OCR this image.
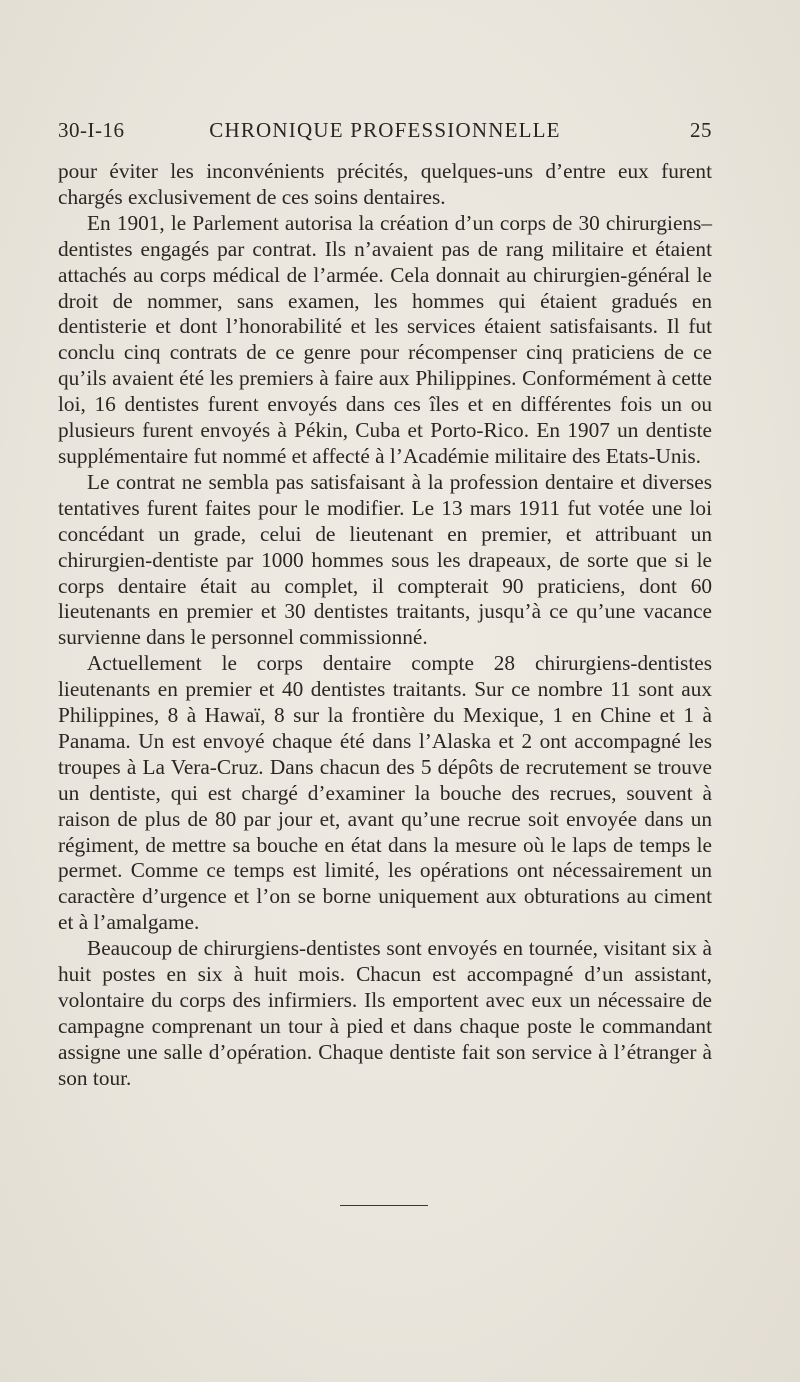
30-I-16	CHRONIQUE PROFESSIONNELLE	25

pour éviter les inconvénients précités, quelques-uns d’entre eux furent chargés exclusivement de ces soins dentaires.

En 1901, le Parlement autorisa la création d’un corps de 30 chirurgiens–dentistes engagés par contrat. Ils n’avaient pas de rang militaire et étaient attachés au corps médical de l’armée. Cela donnait au chirurgien-général le droit de nommer, sans examen, les hommes qui étaient gradués en dentisterie et dont l’honorabilité et les services étaient satisfaisants. Il fut conclu cinq contrats de ce genre pour récompenser cinq praticiens de ce qu’ils avaient été les premiers à faire aux Philippines. Conformément à cette loi, 16 dentistes furent envoyés dans ces îles et en différentes fois un ou plusieurs furent envoyés à Pékin, Cuba et Porto-Rico. En 1907 un dentiste supplémentaire fut nommé et affecté à l’Académie militaire des Etats-Unis.

Le contrat ne sembla pas satisfaisant à la profession dentaire et diverses tentatives furent faites pour le modifier. Le 13 mars 1911 fut votée une loi concédant un grade, celui de lieutenant en premier, et attribuant un chirurgien-dentiste par 1000 hommes sous les drapeaux, de sorte que si le corps dentaire était au complet, il compterait 90 praticiens, dont 60 lieutenants en premier et 30 dentistes traitants, jusqu’à ce qu’une vacance survienne dans le personnel commissionné.

Actuellement le corps dentaire compte 28 chirurgiens-dentistes lieutenants en premier et 40 dentistes traitants. Sur ce nombre 11 sont aux Philippines, 8 à Hawaï, 8 sur la frontière du Mexique, 1 en Chine et 1 à Panama. Un est envoyé chaque été dans l’Alaska et 2 ont accompagné les troupes à La Vera-Cruz. Dans chacun des 5 dépôts de recrutement se trouve un dentiste, qui est chargé d’examiner la bouche des recrues, souvent à raison de plus de 80 par jour et, avant qu’une recrue soit envoyée dans un régiment, de mettre sa bouche en état dans la mesure où le laps de temps le permet. Comme ce temps est limité, les opérations ont nécessairement un caractère d’urgence et l’on se borne uniquement aux obturations au ciment et à l’amalgame.

Beaucoup de chirurgiens-dentistes sont envoyés en tournée, visitant six à huit postes en six à huit mois. Chacun est accompagné d’un assistant, volontaire du corps des infirmiers. Ils emportent avec eux un nécessaire de campagne comprenant un tour à pied et dans chaque poste le commandant assigne une salle d’opération. Chaque dentiste fait son service à l’étranger à son tour.
